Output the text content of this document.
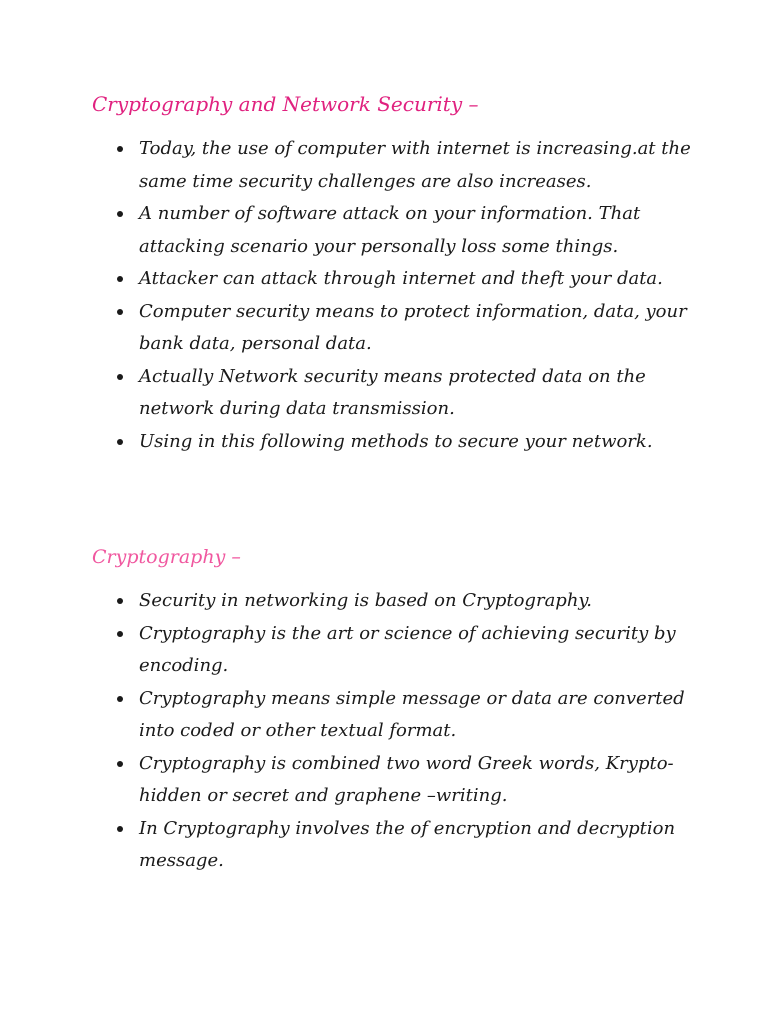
Cryptography and Network Security –
Today, the use of computer with internet is increasing.at the same time security challenges are also increases.
A number of software attack on your information. That attacking scenario your personally loss some things.
Attacker can attack through internet and theft your data.
Computer security means to protect information, data, your bank data, personal data.
Actually Network security means protected data on the network during data transmission.
Using in this following methods to secure your network.
Cryptography –
Security in networking is based on Cryptography.
Cryptography is the art or science of achieving security by encoding.
Cryptography means simple message or data are converted into coded or other textual format.
Cryptography is combined two word Greek words, Krypto- hidden or secret and graphene –writing.
In Cryptography involves the of encryption and decryption message.
